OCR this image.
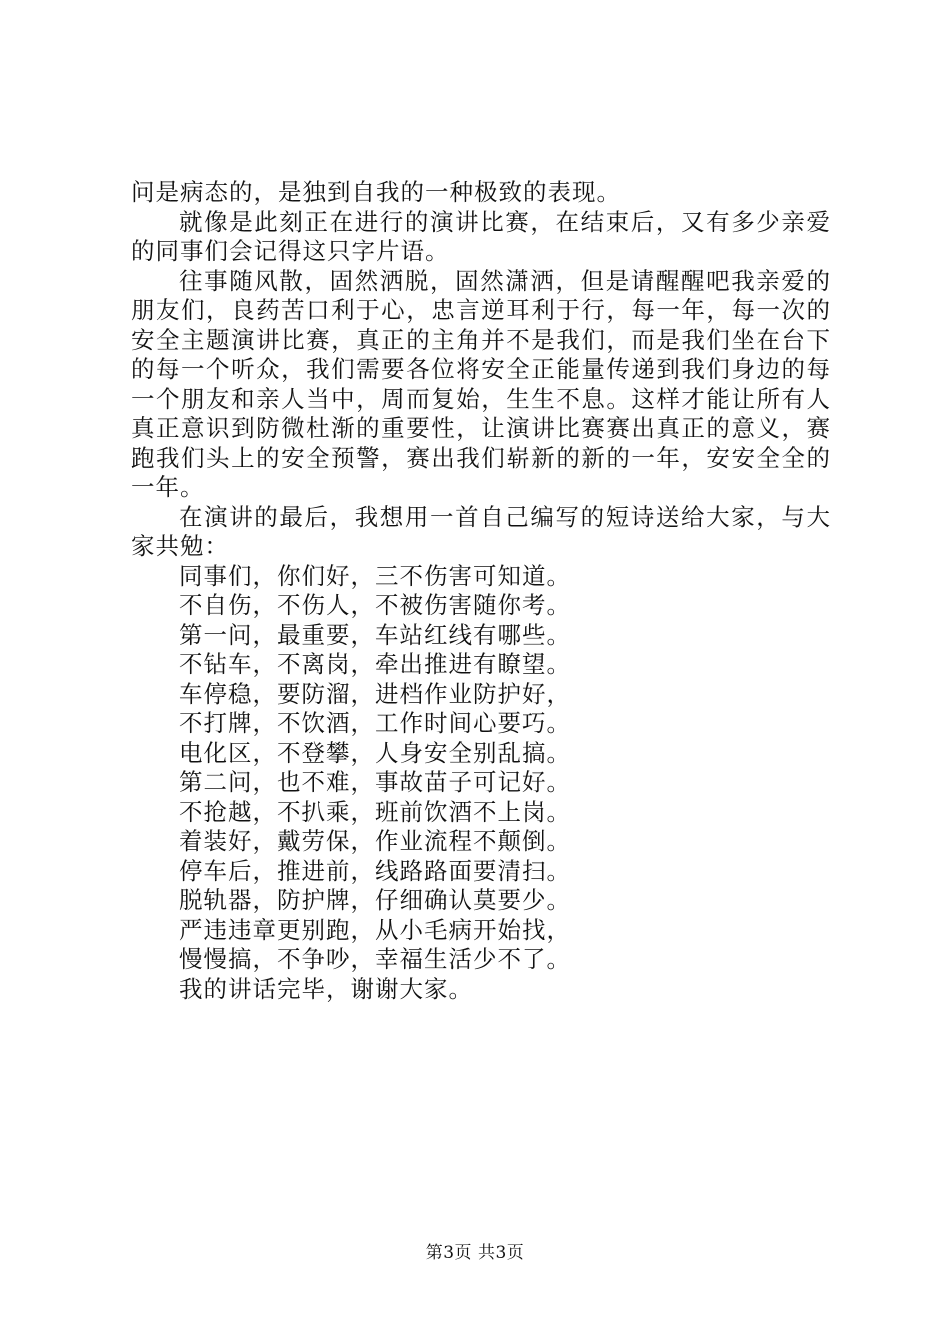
问是病态的，是独到自我的一种极致的表现。

就像是此刻正在进行的演讲比赛，在结束后，又有多少亲爱的同事们会记得这只字片语。

往事随风散，固然洒脱，固然潇洒，但是请醒醒吧我亲爱的朋友们，良药苦口利于心，忠言逆耳利于行，每一年，每一次的安全主题演讲比赛，真正的主角并不是我们，而是我们坐在台下的每一个听众，我们需要各位将安全正能量传递到我们身边的每一个朋友和亲人当中，周而复始，生生不息。这样才能让所有人真正意识到防微杜渐的重要性，让演讲比赛赛出真正的意义，赛跑我们头上的安全预警，赛出我们崭新的新的一年，安安全全的一年。

在演讲的最后，我想用一首自己编写的短诗送给大家，与大家共勉：

同事们，你们好，三不伤害可知道。

不自伤，不伤人，不被伤害随你考。

第一问，最重要，车站红线有哪些。

不钻车，不离岗，牵出推进有瞭望。

车停稳，要防溜，进档作业防护好，

不打牌，不饮酒，工作时间心要巧。

电化区，不登攀，人身安全别乱搞。

第二问，也不难，事故苗子可记好。

不抢越，不扒乘，班前饮酒不上岗。

着装好，戴劳保，作业流程不颠倒。

停车后，推进前，线路路面要清扫。

脱轨器，防护牌，仔细确认莫要少。

严违违章更别跑，从小毛病开始找，

慢慢搞，不争吵，幸福生活少不了。

我的讲话完毕，谢谢大家。

第3页 共3页
